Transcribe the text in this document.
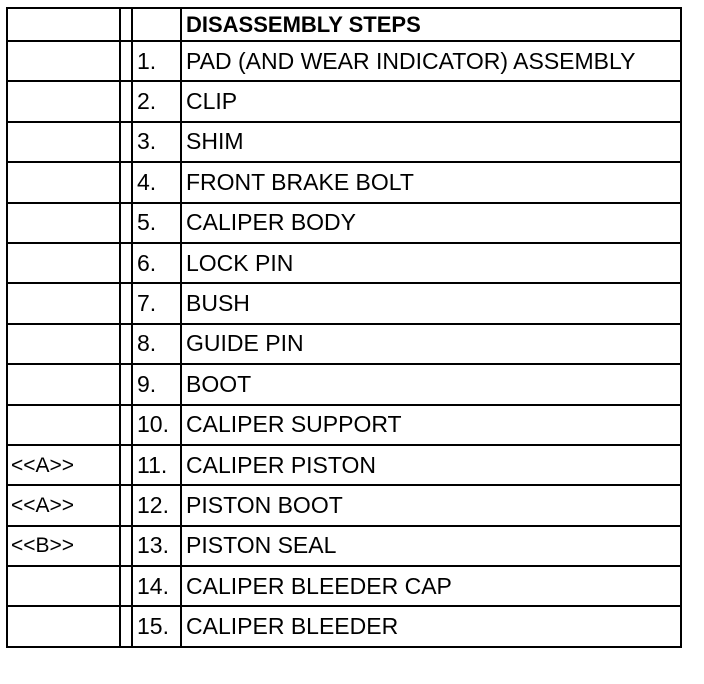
			DISASSEMBLY STEPS
		1.	PAD (AND WEAR INDICATOR) ASSEMBLY
		2.	CLIP
		3.	SHIM
		4.	FRONT BRAKE BOLT
		5.	CALIPER BODY
		6.	LOCK PIN
		7.	BUSH
		8.	GUIDE PIN
		9.	BOOT
		10.	CALIPER SUPPORT
<<A>>		11.	CALIPER PISTON
<<A>>		12.	PISTON BOOT
<<B>>		13.	PISTON SEAL
		14.	CALIPER BLEEDER CAP
		15.	CALIPER BLEEDER
